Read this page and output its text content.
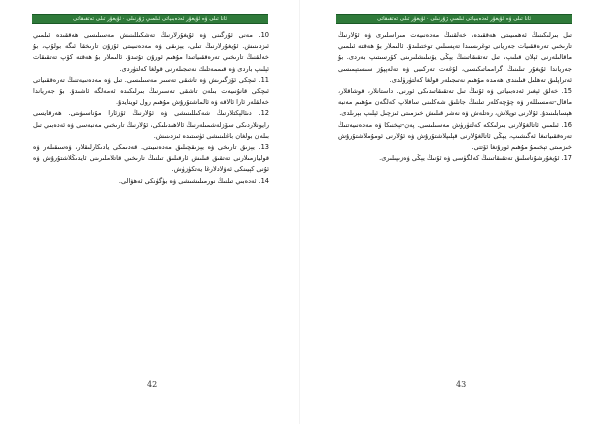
ئانا تىلى ۋە ئۇيغۇر ئەدەبىياتى ئىلمىي ژۇرنىلى · ئۇيغۇر تىلى تەتقىقاتى

10. مەنى ئۇرگىنى ۋە ئۇيغۇرلارنىڭ تەشكىللىنىش مەسىلىسى ھەققىدە ئىلمىي ئىزدىنىش. ئۇيغۇرلارنىڭ تىلى، يېزىقى ۋە مەدەنىيىتى ئۇزۇن تارىخقا ئىگە بولۇپ، بۇ خەلقنىڭ تارىخىي تەرەققىياتىدا مۇھىم ئورۇن تۇتىدۇ. ئالىملار بۇ ھەقتە كۆپ تەتقىقات ئېلىپ باردى ۋە قىممەتلىك نەتىجىلەرنى قولغا كەلتۈردى.

11. ئىچكى ئۆزگىرىش ۋە تاشقى تەسىر مەسىلىسى. تىل ۋە مەدەنىيەتنىڭ تەرەققىياتى ئىچكى قانۇنىيەت بىلەن تاشقى تەسىرنىڭ بىرلىكىدە ئەمەلگە ئاشىدۇ. بۇ جەرياندا خەلقلەر ئارا ئالاقە ۋە ئالماشتۇرۇش مۇھىم رول ئوينايدۇ.

12. دىئالېكتلارنىڭ شەكىللىنىشى ۋە ئۇلارنىڭ ئۆزئارا مۇناسىۋىتى. ھەرقايسى رايونلاردىكى سۆزلەشمىلەرنىڭ ئالاھىدىلىكى، ئۇلارنىڭ تارىخىي مەنبەسى ۋە ئەدەبىي تىل بىلەن بولغان باغلىنىشى ئۈستىدە ئىزدىنىش.

13. يېزىق تارىخى ۋە يېزىقچىلىق مەدەنىيىتى. قەدىمكى يادىكارلىقلار، ۋەسىقىلەر ۋە قوليازمىلارنى تەتقىق قىلىش ئارقىلىق تىلنىڭ تارىخىي قاتلاملىرىنى ئايدىڭلاشتۇرۇش ۋە ئۇنى كېيىنكى ئەۋلادلارغا يەتكۈزۈش.

14. ئەدەبىي تىلنىڭ نورمىلىشىشى ۋە بۈگۈنكى ئەھۋالى.

42
ئانا تىلى ۋە ئۇيغۇر ئەدەبىياتى ئىلمىي ژۇرنىلى · ئۇيغۇر تىلى تەتقىقاتى

تىل بىرلىكىنىڭ ئەھمىيىتى ھەققىدە، خەلقنىڭ مەدەنىيەت مىراسلىرى ۋە ئۇلارنىڭ تارىخىي تەرەققىيات جەريانى توغرىسىدا تەپسىلىي توختىلىدۇ. ئالىملار بۇ ھەقتە ئىلمىي ماقالىلەرنى ئېلان قىلىپ، تىل تەتقىقاتىنىڭ يېڭى يۆنىلىشلىرىنى كۆرسىتىپ بەردى. بۇ جەرياندا ئۇيغۇر تىلىنىڭ گرامماتىكىسى، لۇغەت تەركىبى ۋە تەلەپپۇز سىستېمىسى ئەتراپلىق تەھلىل قىلىندى ھەمدە مۇھىم نەتىجىلەر قولغا كەلتۈرۈلدى.

15. خەلق ئېغىز ئەدەبىياتى ۋە ئۇنىڭ تىل تەتقىقاتىدىكى ئورنى. داستانلار، قوشاقلار، ماقال-تەمسىللەر ۋە چۆچەكلەر تىلنىڭ جانلىق شەكلىنى ساقلاپ كەلگەن مۇھىم مەنبە ھېسابلىنىدۇ. ئۇلارنى توپلاش، رەتلەش ۋە نەشر قىلىش خىزمىتى ئىزچىل ئېلىپ بېرىلدى.

16. ئىلمىي ئاتالغۇلارنى بىرلىككە كەلتۈرۈش مەسىلىسى. پەن-تېخنىكا ۋە مەدەنىيەتنىڭ تەرەققىياتىغا ئەگىشىپ، يېڭى ئاتالغۇلارنى قېلىپلاشتۇرۇش ۋە ئۇلارنى ئومۇملاشتۇرۇش خىزمىتى تېخىمۇ مۇھىم ئورۇنغا ئۆتتى.

17. ئۇيغۇرشۇناسلىق تەتقىقاتىنىڭ كەلگۈسى ۋە ئۇنىڭ يېڭى ۋەزىپىلىرى.

43
